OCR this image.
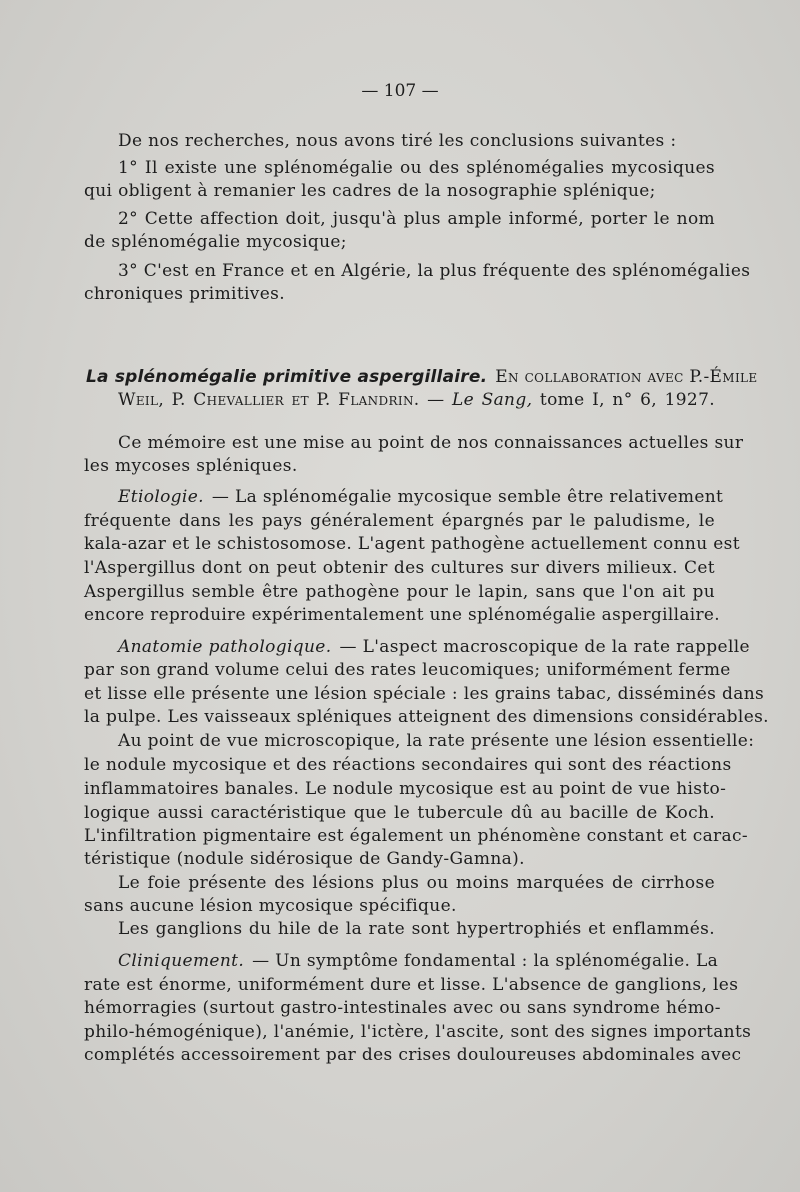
— 107 —
De nos recherches, nous avons tiré les conclusions suivantes :
1° Il existe une splénomégalie ou des splénomégalies mycosiques
qui obligent à remanier les cadres de la nosographie splénique;
2° Cette affection doit, jusqu'à plus ample informé, porter le nom
de splénomégalie mycosique;
3° C'est en France et en Algérie, la plus fréquente des splénomégalies
chroniques primitives.
La splénomégalie primitive aspergillaire. En collaboration avec P.-Émile
Weil, P. Chevallier et P. Flandrin. — Le Sang, tome I, n° 6, 1927.
Ce mémoire est une mise au point de nos connaissances actuelles sur
les mycoses spléniques.
Etiologie. — La splénomégalie mycosique semble être relativement
fréquente dans les pays généralement épargnés par le paludisme, le
kala-azar et le schistosomose. L'agent pathogène actuellement connu est
l'Aspergillus dont on peut obtenir des cultures sur divers milieux. Cet
Aspergillus semble être pathogène pour le lapin, sans que l'on ait pu
encore reproduire expérimentalement une splénomégalie aspergillaire.
Anatomie pathologique. — L'aspect macroscopique de la rate rappelle
par son grand volume celui des rates leucomiques; uniformément ferme
et lisse elle présente une lésion spéciale : les grains tabac, disséminés dans
la pulpe. Les vaisseaux spléniques atteignent des dimensions considérables.
Au point de vue microscopique, la rate présente une lésion essentielle:
le nodule mycosique et des réactions secondaires qui sont des réactions
inflammatoires banales. Le nodule mycosique est au point de vue histo-
logique aussi caractéristique que le tubercule dû au bacille de Koch.
L'infiltration pigmentaire est également un phénomène constant et carac-
téristique (nodule sidérosique de Gandy-Gamna).
Le foie présente des lésions plus ou moins marquées de cirrhose
sans aucune lésion mycosique spécifique.
Les ganglions du hile de la rate sont hypertrophiés et enflammés.
Cliniquement. — Un symptôme fondamental : la splénomégalie. La
rate est énorme, uniformément dure et lisse. L'absence de ganglions, les
hémorragies (surtout gastro-intestinales avec ou sans syndrome hémo-
philo-hémogénique), l'anémie, l'ictère, l'ascite, sont des signes importants
complétés accessoirement par des crises douloureuses abdominales avec
